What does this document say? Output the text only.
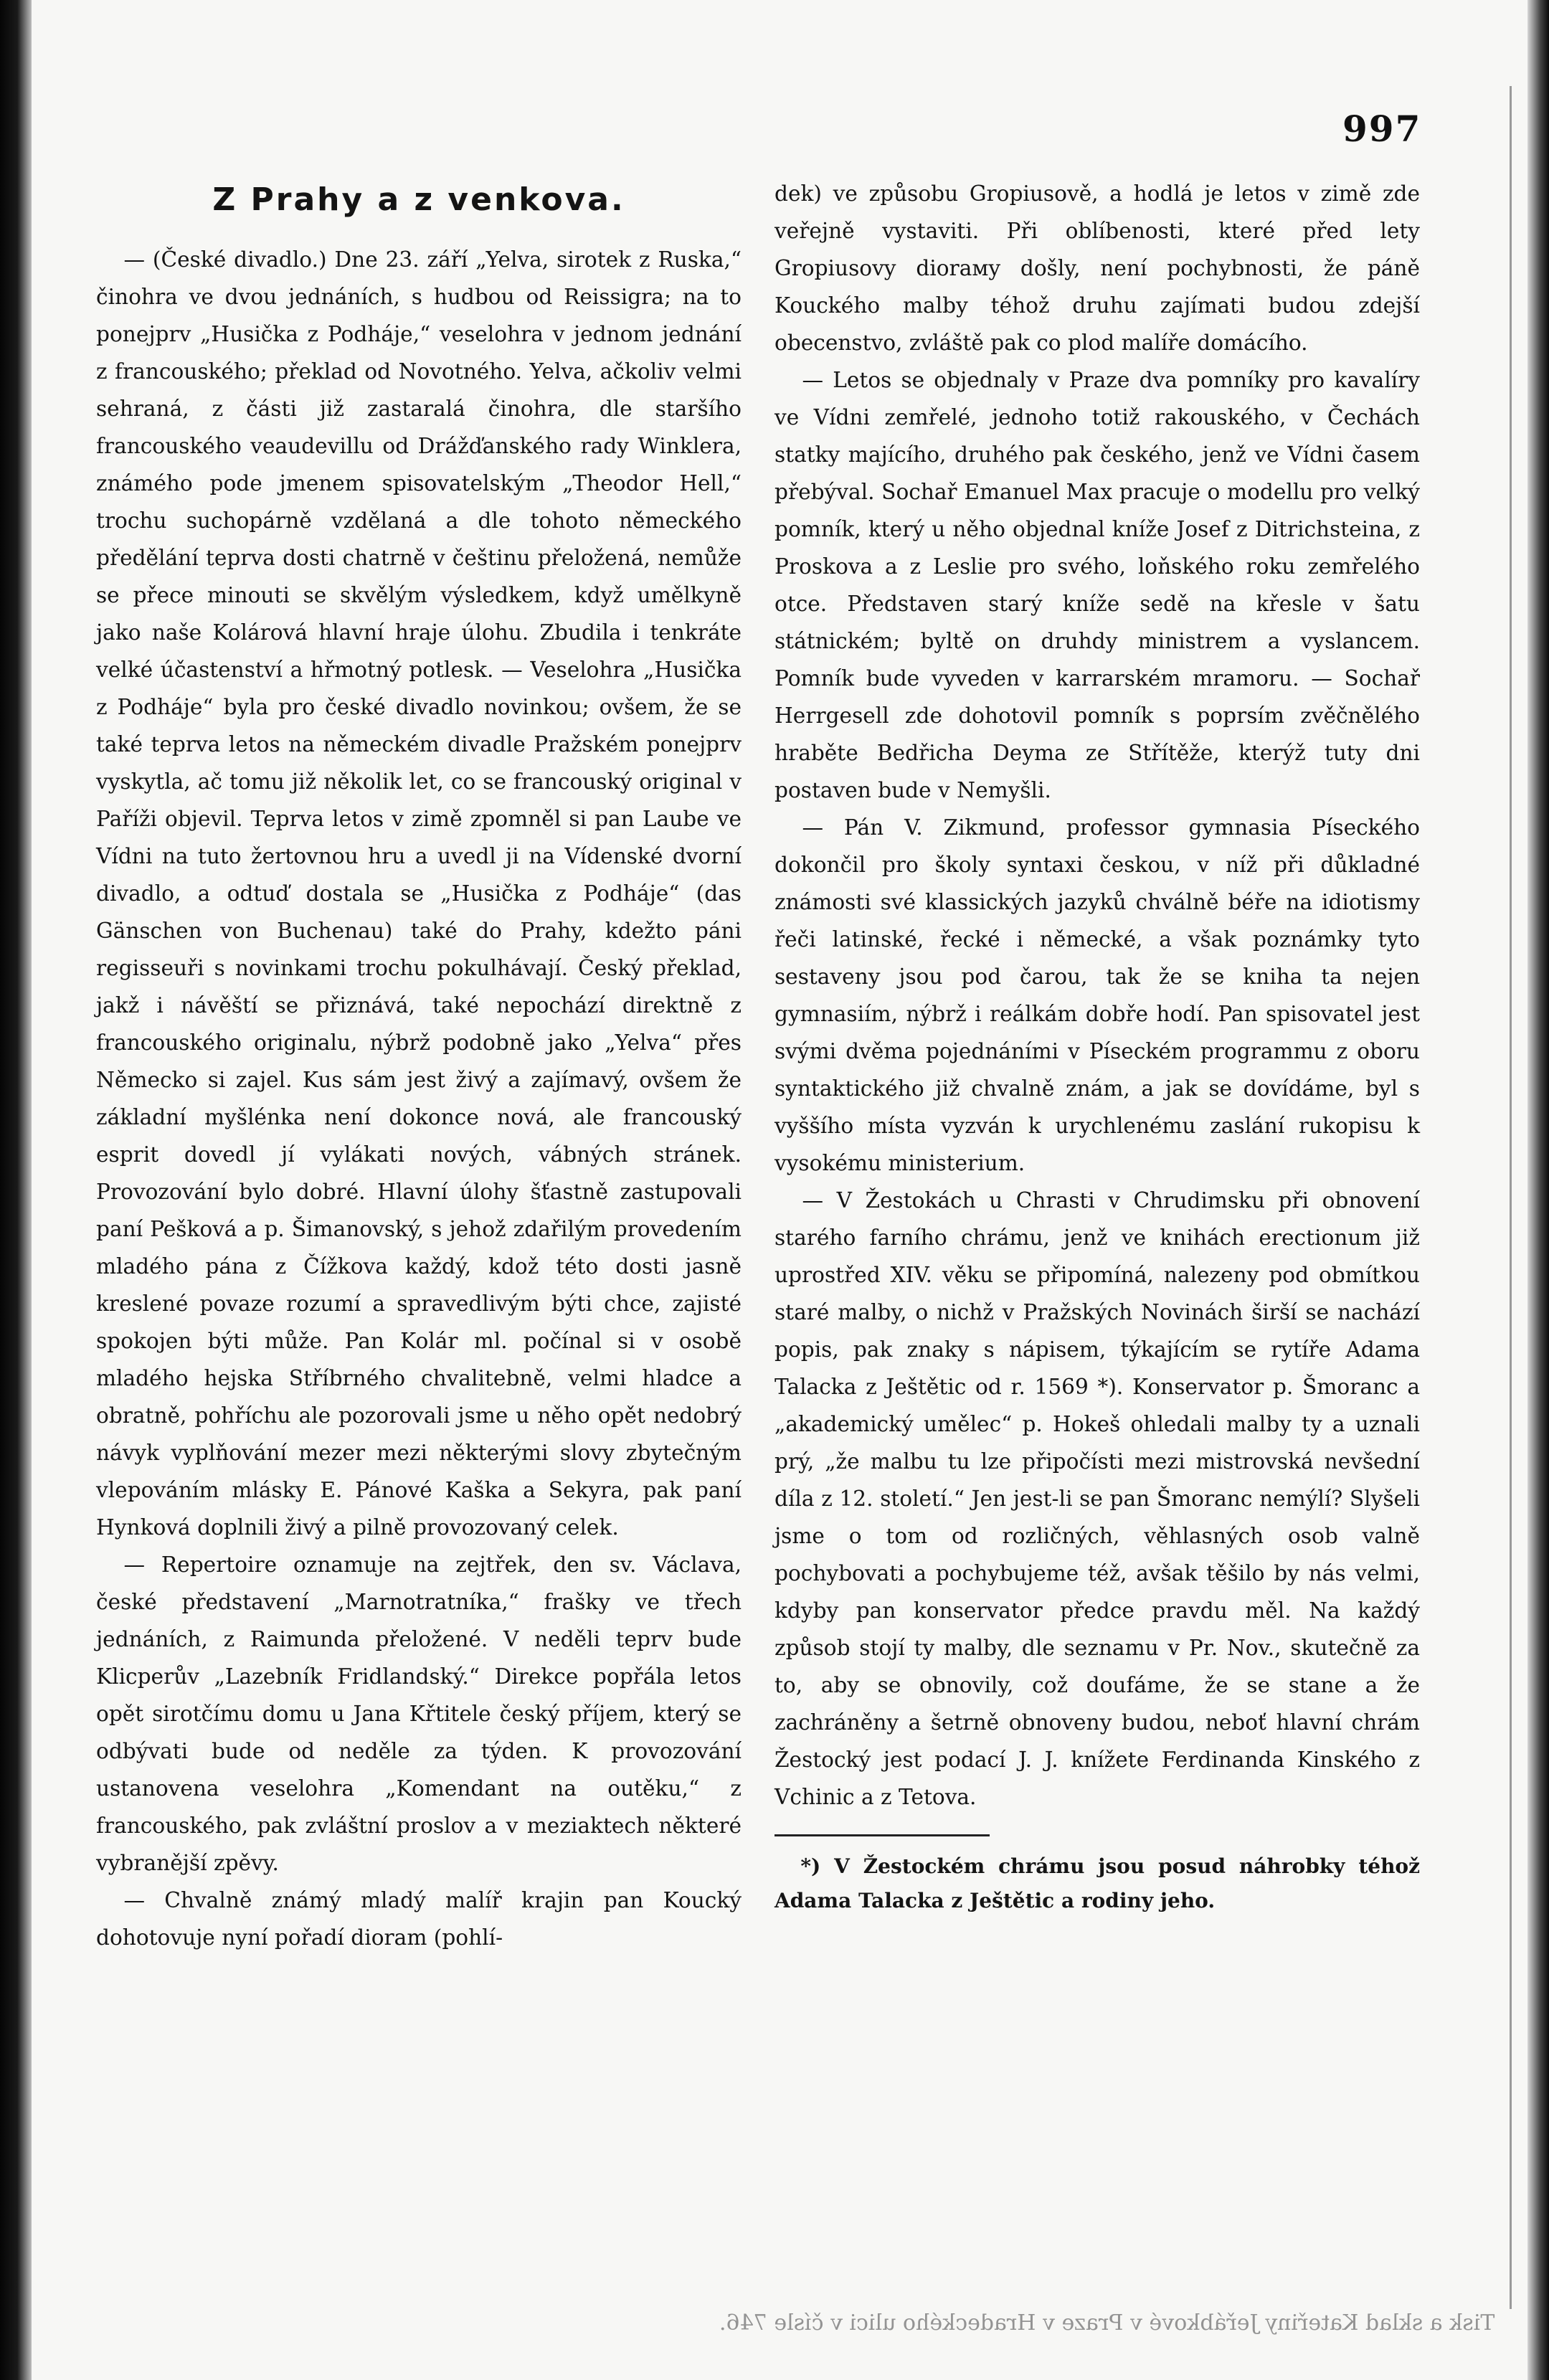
997
Z Prahy a z venkova.

— (České divadlo.) Dne 23. září „Yelva, sirotek z Ruska,“ činohra ve dvou jednáních, s hudbou od Reissigra; na to ponejprv „Husička z Podháje,“ veselohra v jednom jednání z francouského; překlad od Novotného. Yelva, ačkoliv velmi sehraná, z části již zastaralá činohra, dle staršího francouského veaudevillu od Drážďanského rady Winklera, známého pode jmenem spisovatelským „Theodor Hell,“ trochu suchopárně vzdělaná a dle tohoto německého předělání teprva dosti chatrně v češtinu přeložená, nemůže se přece minouti se skvělým výsledkem, když umělkyně jako naše Kolárová hlavní hraje úlohu. Zbudila i tenkráte velké účastenství a hřmotný potlesk. — Veselohra „Husička z Podháje“ byla pro české divadlo novinkou; ovšem, že se také teprva letos na německém divadle Pražském ponejprv vyskytla, ač tomu již několik let, co se francouský original v Paříži objevil. Teprva letos v zimě zpomněl si pan Laube ve Vídni na tuto žertovnou hru a uvedl ji na Vídenské dvorní divadlo, a odtuď dostala se „Husička z Podháje“ (das Gänschen von Buchenau) také do Prahy, kdežto páni regisseuři s novinkami trochu pokulhávají. Český překlad, jakž i návěští se přiznává, také nepochází direktně z francouského originalu, nýbrž podobně jako „Yelva“ přes Německo si zajel. Kus sám jest živý a zajímavý, ovšem že základní myšlénka není dokonce nová, ale francouský esprit dovedl jí vylákati nových, vábných stránek. Provozování bylo dobré. Hlavní úlohy šťastně zastupovali paní Pešková a p. Šimanovský, s jehož zdařilým provedením mladého pána z Čížkova každý, kdož této dosti jasně kreslené povaze rozumí a spravedlivým býti chce, zajisté spokojen býti může. Pan Kolár ml. počínal si v osobě mladého hejska Stříbrného chvalitebně, velmi hladce a obratně, pohříchu ale pozorovali jsme u něho opět nedobrý návyk vyplňování mezer mezi některými slovy zbytečným vlepováním mlásky E. Pánové Kaška a Sekyra, pak paní Hynková doplnili živý a pilně provozovaný celek.

— Repertoire oznamuje na zejtřek, den sv. Václava, české představení „Marnotratníka,“ frašky ve třech jednáních, z Raimunda přeložené. V neděli teprv bude Klicperův „Lazebník Fridlandský.“ Direkce popřála letos opět sirotčímu domu u Jana Křtitele český příjem, který se odbývati bude od neděle za týden. K provozování ustanovena veselohra „Komendant na outěku,“ z francouského, pak zvláštní proslov a v meziaktech některé vybranější zpěvy.

— Chvalně známý mladý malíř krajin pan Koucký dohotovuje nyní pořadí dioram (pohlí-

dek) ve způsobu Gropiusově, a hodlá je letos v zimě zde veřejně vystaviti. Při oblíbenosti, které před lety Gropiusovy diorамy došly, není pochybnosti, že páně Kouckého malby téhož druhu zajímati budou zdejší obecenstvo, zvláště pak co plod malíře domácího.

— Letos se objednaly v Praze dva pomníky pro kavalíry ve Vídni zemřelé, jednoho totiž rakouského, v Čechách statky majícího, druhého pak českého, jenž ve Vídni časem přebýval. Sochař Emanuel Max pracuje o modellu pro velký pomník, který u něho objednal kníže Josef z Ditrichsteina, z Proskova a z Leslie pro svého, loňského roku zemřelého otce. Představen starý kníže sedě na křesle v šatu státnickém; byltě on druhdy ministrem a vyslancem. Pomník bude vyveden v karrarském mramoru. — Sochař Herrgesell zde dohotovil pomník s poprsím zvěčnělého hraběte Bedřicha Deyma ze Střítěže, kterýž tuty dni postaven bude v Nemyšli.

— Pán V. Zikmund, professor gymnasia Píseckého dokončil pro školy syntaxi českou, v níž při důkladné známosti své klassických jazyků chválně béře na idiotismy řeči latinské, řecké i německé, a však poznámky tyto sestaveny jsou pod čarou, tak že se kniha ta nejen gymnasiím, nýbrž i reálkám dobře hodí. Pan spisovatel jest svými dvěma pojednáními v Píseckém programmu z oboru syntaktického již chvalně znám, a jak se dovídáme, byl s vyššího místa vyzván k urychlenému zaslání rukopisu k vysokému ministerium.

— V Žestokách u Chrasti v Chrudimsku při obnovení starého farního chrámu, jenž ve knihách erectionum již uprostřed XIV. věku se připomíná, nalezeny pod obmítkou staré malby, o nichž v Pražských Novinách širší se nachází popis, pak znaky s nápisem, týkajícím se rytíře Adama Talacka z Ještětic od r. 1569 *). Konservator p. Šmoranc a „akademický umělec“ p. Hokeš ohledali malby ty a uznali prý, „že malbu tu lze připočísti mezi mistrovská nevšední díla z 12. století.“ Jen jest-li se pan Šmoranc nemýlí? Slyšeli jsme o tom od rozličných, věhlasných osob valně pochybovati a pochybujeme též, avšak těšilo by nás velmi, kdyby pan konservator předce pravdu měl. Na každý způsob stojí ty malby, dle seznamu v Pr. Nov., skutečně za to, aby se obnovily, což doufáme, že se stane a že zachráněny a šetrně obnoveny budou, neboť hlavní chrám Žestocký jest podací J. J. knížete Ferdinanda Kinského z Vchinic a z Tetova.

*) V Žestockém chrámu jsou posud náhrobky téhož Adama Talacka z Ještětic a rodiny jeho.

Tisk a sklad Kateřiny Jeřábkové v Praze v Hradeckého ulici v čísle 746.
